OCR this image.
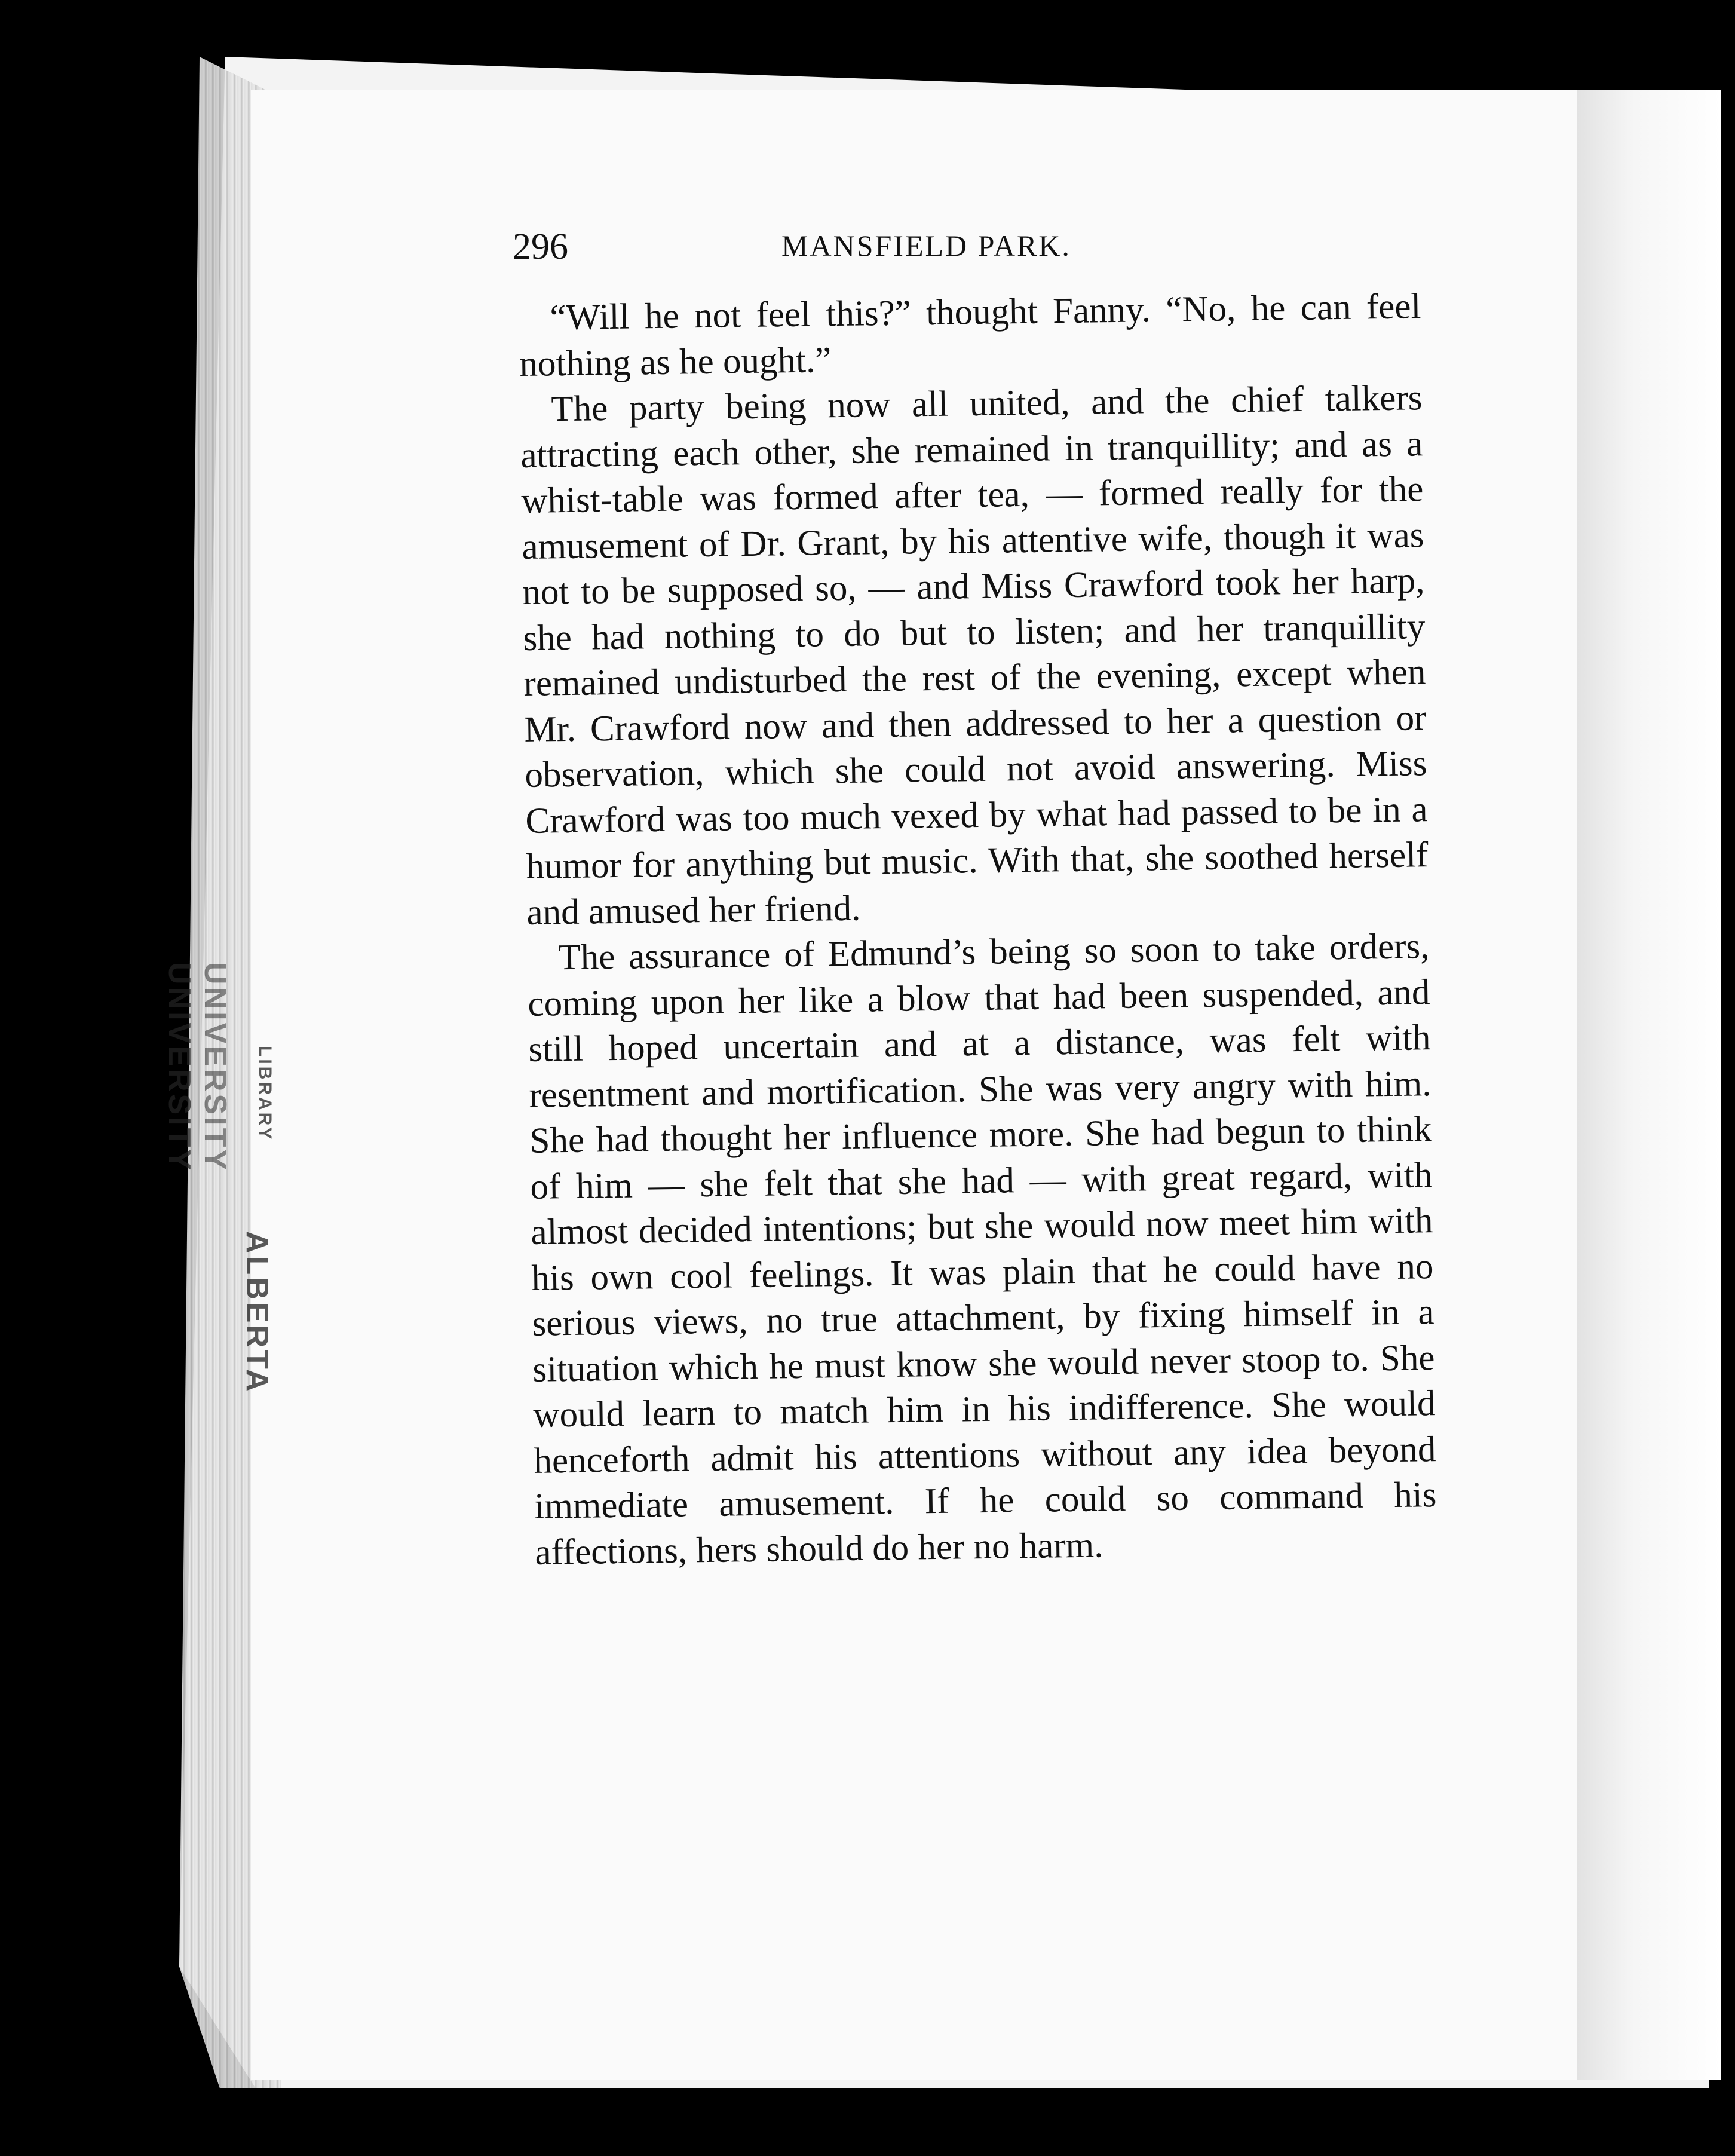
UNIVERSITY UNIVERSITY
ALBERTA
LIBRARY
296	MANSFIELD PARK.

“Will he not feel this?” thought Fanny. “No, he can feel nothing as he ought.”

The party being now all united, and the chief talkers attracting each other, she remained in tranquillity; and as a whist-table was formed after tea, — formed really for the amusement of Dr. Grant, by his attentive wife, though it was not to be supposed so, — and Miss Crawford took her harp, she had nothing to do but to listen; and her tranquillity remained undisturbed the rest of the evening, except when Mr. Crawford now and then addressed to her a question or observation, which she could not avoid answering. Miss Crawford was too much vexed by what had passed to be in a humor for anything but music. With that, she soothed herself and amused her friend.

The assurance of Edmund’s being so soon to take orders, coming upon her like a blow that had been suspended, and still hoped uncertain and at a distance, was felt with resentment and mortification. She was very angry with him. She had thought her influence more. She had begun to think of him — she felt that she had — with great regard, with almost decided intentions; but she would now meet him with his own cool feelings. It was plain that he could have no serious views, no true attachment, by fixing himself in a situation which he must know she would never stoop to. She would learn to match him in his indifference. She would henceforth admit his attentions without any idea beyond immediate amusement. If he could so command his affections, hers should do her no harm.
